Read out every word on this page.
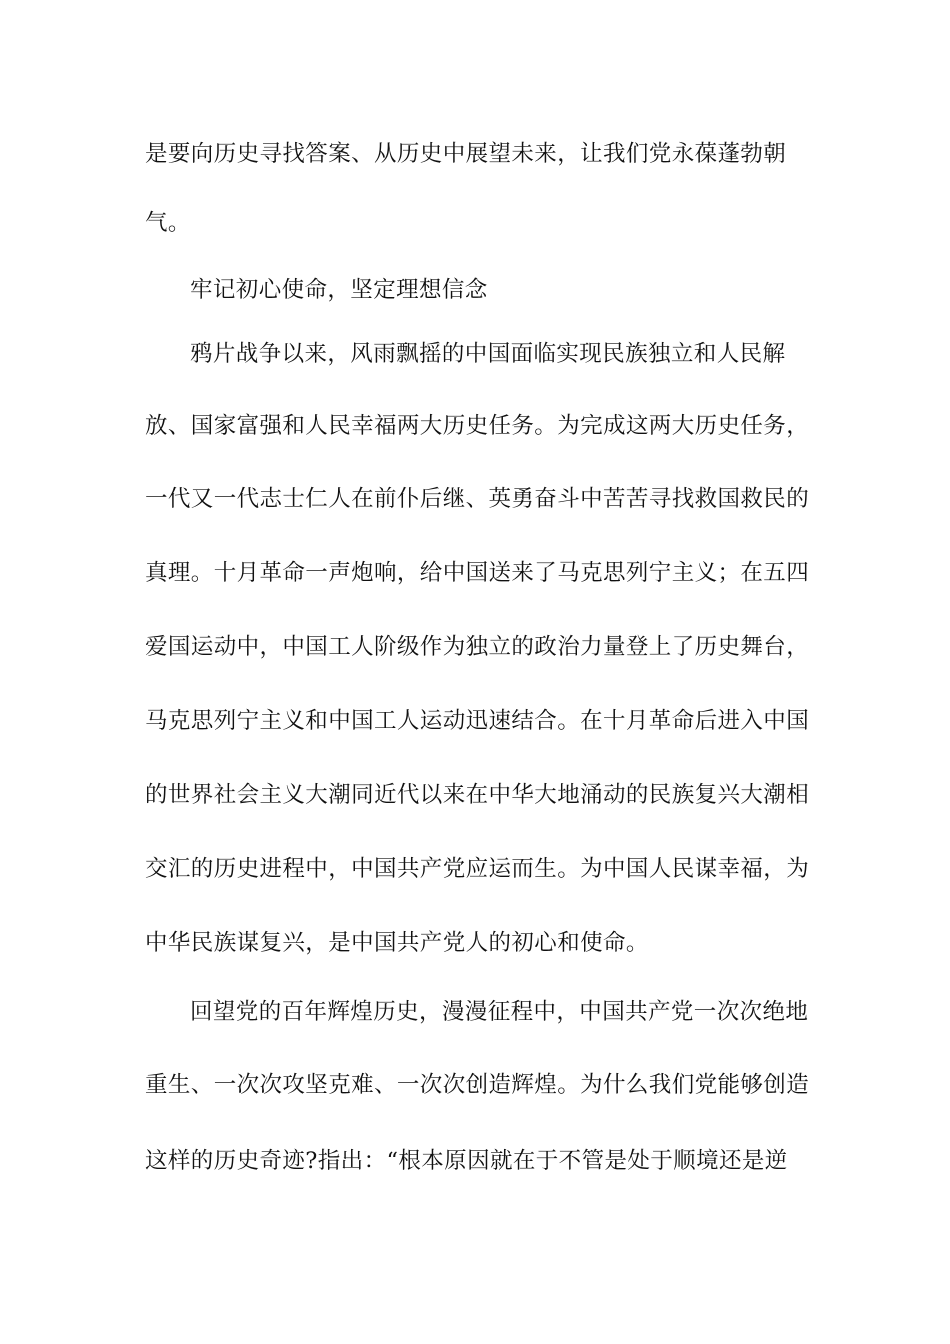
是要向历史寻找答案、从历史中展望未来，让我们党永葆蓬勃朝
气。
牢记初心使命，坚定理想信念
鸦片战争以来，风雨飘摇的中国面临实现民族独立和人民解
放、国家富强和人民幸福两大历史任务。为完成这两大历史任务，
一代又一代志士仁人在前仆后继、英勇奋斗中苦苦寻找救国救民的
真理。十月革命一声炮响，给中国送来了马克思列宁主义；在五四
爱国运动中，中国工人阶级作为独立的政治力量登上了历史舞台，
马克思列宁主义和中国工人运动迅速结合。在十月革命后进入中国
的世界社会主义大潮同近代以来在中华大地涌动的民族复兴大潮相
交汇的历史进程中，中国共产党应运而生。为中国人民谋幸福，为
中华民族谋复兴，是中国共产党人的初心和使命。
回望党的百年辉煌历史，漫漫征程中，中国共产党一次次绝地
重生、一次次攻坚克难、一次次创造辉煌。为什么我们党能够创造
这样的历史奇迹?指出：“根本原因就在于不管是处于顺境还是逆
